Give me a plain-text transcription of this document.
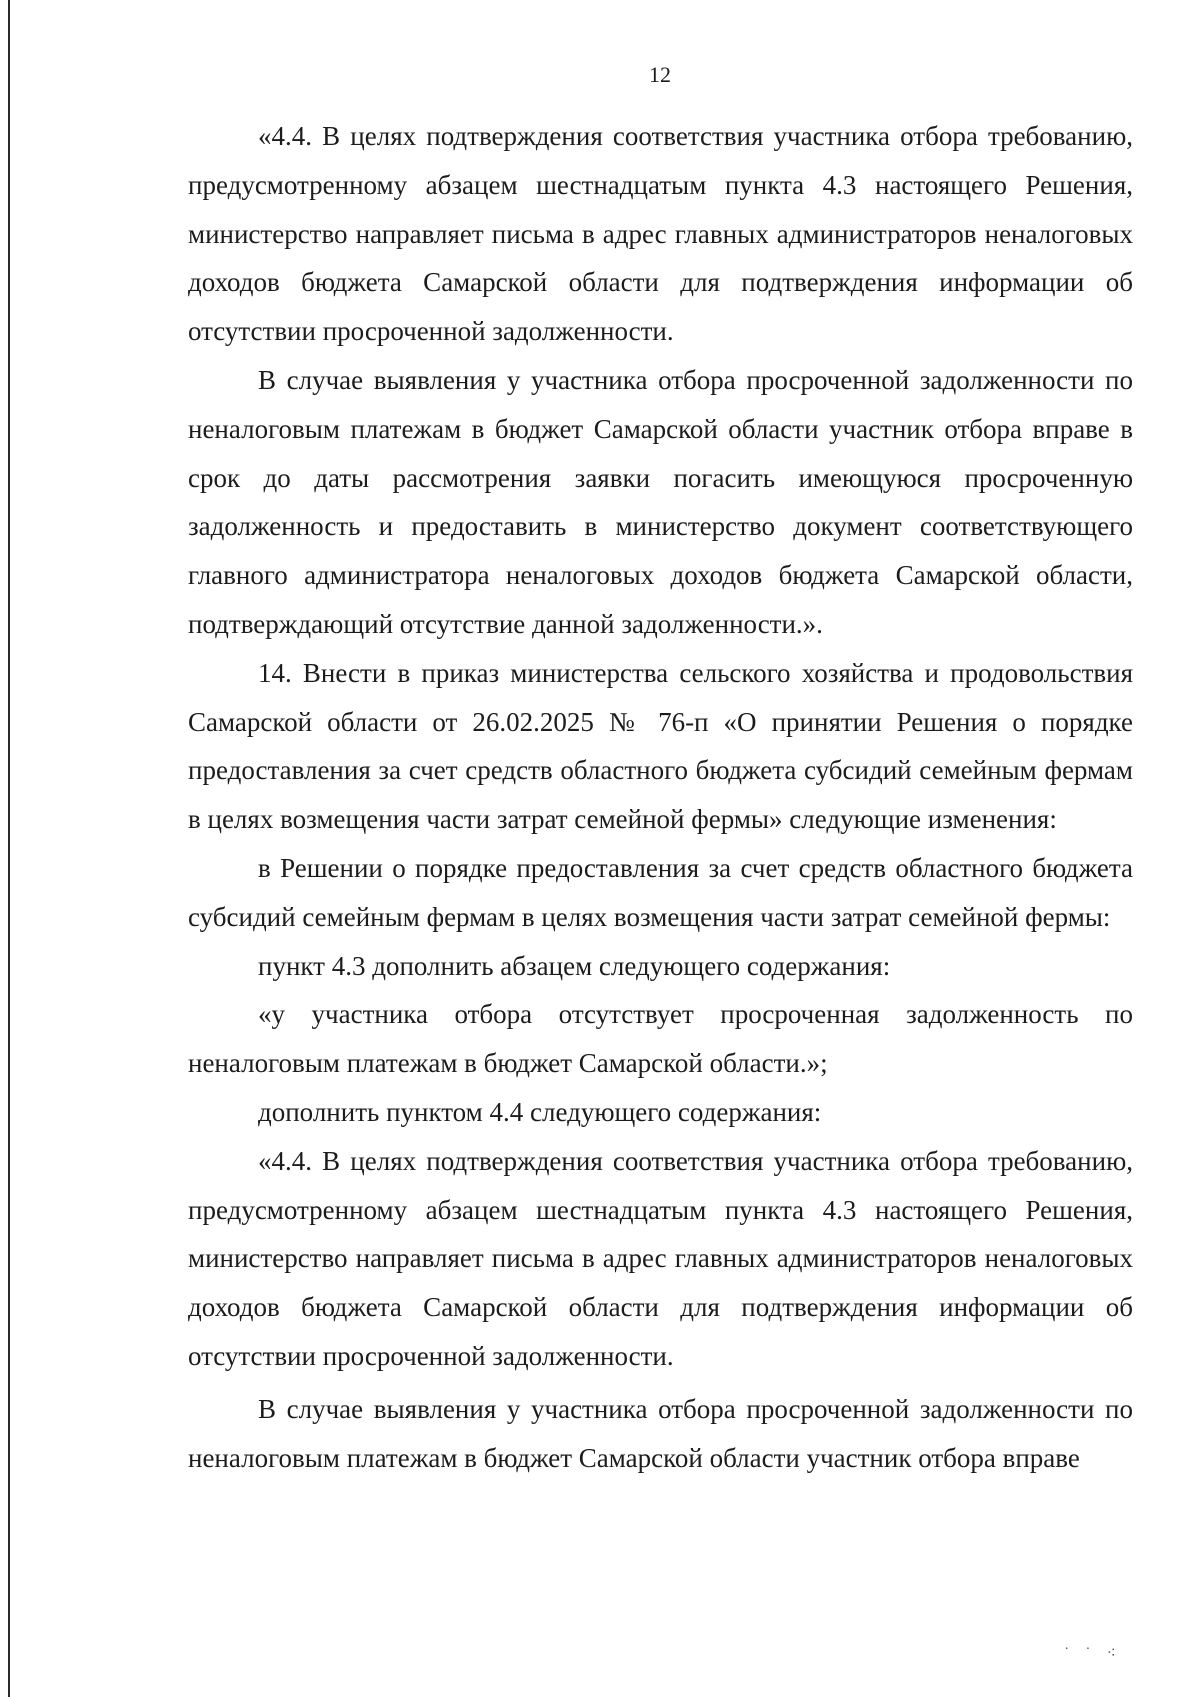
12

«4.4. В целях подтверждения соответствия участника отбора требованию, предусмотренному абзацем шестнадцатым пункта 4.3 настоящего Решения, министерство направляет письма в адрес главных администраторов неналоговых доходов бюджета Самарской области для подтверждения информации об отсутствии просроченной задолженности.

В случае выявления у участника отбора просроченной задолженности по неналоговым платежам в бюджет Самарской области участник отбора вправе в срок до даты рассмотрения заявки погасить имеющуюся просроченную задолженность и предоставить в министерство документ соответствующего главного администратора неналоговых доходов бюджета Самарской области, подтверждающий отсутствие данной задолженности.».

14. Внести в приказ министерства сельского хозяйства и продовольствия Самарской области от 26.02.2025 № 76-п «О принятии Решения о порядке предоставления за счет средств областного бюджета субсидий семейным фермам в целях возмещения части затрат семейной фермы» следующие изменения:

в Решении о порядке предоставления за счет средств областного бюджета субсидий семейным фермам в целях возмещения части затрат семейной фермы:

пункт 4.3 дополнить абзацем следующего содержания:

«у участника отбора отсутствует просроченная задолженность по неналоговым платежам в бюджет Самарской области.»;

дополнить пунктом 4.4 следующего содержания:

«4.4. В целях подтверждения соответствия участника отбора требованию, предусмотренному абзацем шестнадцатым пункта 4.3 настоящего Решения, министерство направляет письма в адрес главных администраторов неналоговых доходов бюджета Самарской области для подтверждения информации об отсутствии просроченной задолженности.

В случае выявления у участника отбора просроченной задолженности по неналоговым платежам в бюджет Самарской области участник отбора вправе

˙ ˙ ⁖
